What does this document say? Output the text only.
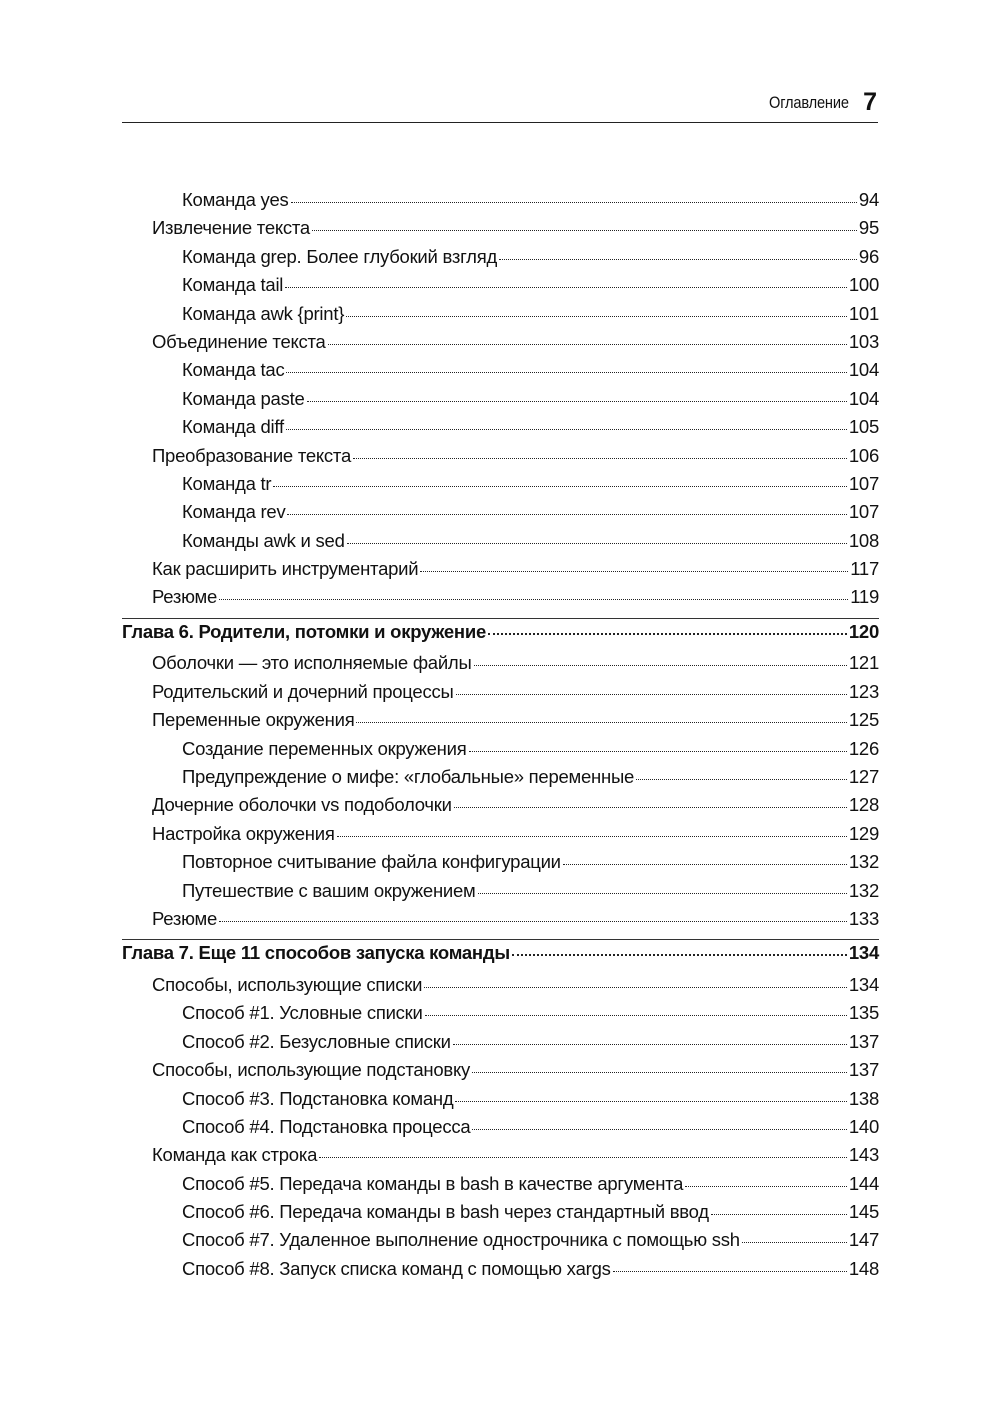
Оглавление 7
Команда yes	94
Извлечение текста	95
Команда grep. Более глубокий взгляд	96
Команда tail	100
Команда awk {print}	101
Объединение текста	103
Команда tac	104
Команда paste	104
Команда diff	105
Преобразование текста	106
Команда tr	107
Команда rev	107
Команды awk и sed	108
Как расширить инструментарий	117
Резюме	119
Глава 6. Родители, потомки и окружение	120
Оболочки — это исполняемые файлы	121
Родительский и дочерний процессы	123
Переменные окружения	125
Создание переменных окружения	126
Предупреждение о мифе: «глобальные» переменные	127
Дочерние оболочки vs подоболочки	128
Настройка окружения	129
Повторное считывание файла конфигурации	132
Путешествие с вашим окружением	132
Резюме	133
Глава 7. Еще 11 способов запуска команды	134
Способы, использующие списки	134
Способ #1. Условные списки	135
Способ #2. Безусловные списки	137
Способы, использующие подстановку	137
Способ #3. Подстановка команд	138
Способ #4. Подстановка процесса	140
Команда как строка	143
Способ #5. Передача команды в bash в качестве аргумента	144
Способ #6. Передача команды в bash через стандартный ввод	145
Способ #7. Удаленное выполнение однострочника с помощью ssh	147
Способ #8. Запуск списка команд с помощью xargs	148
